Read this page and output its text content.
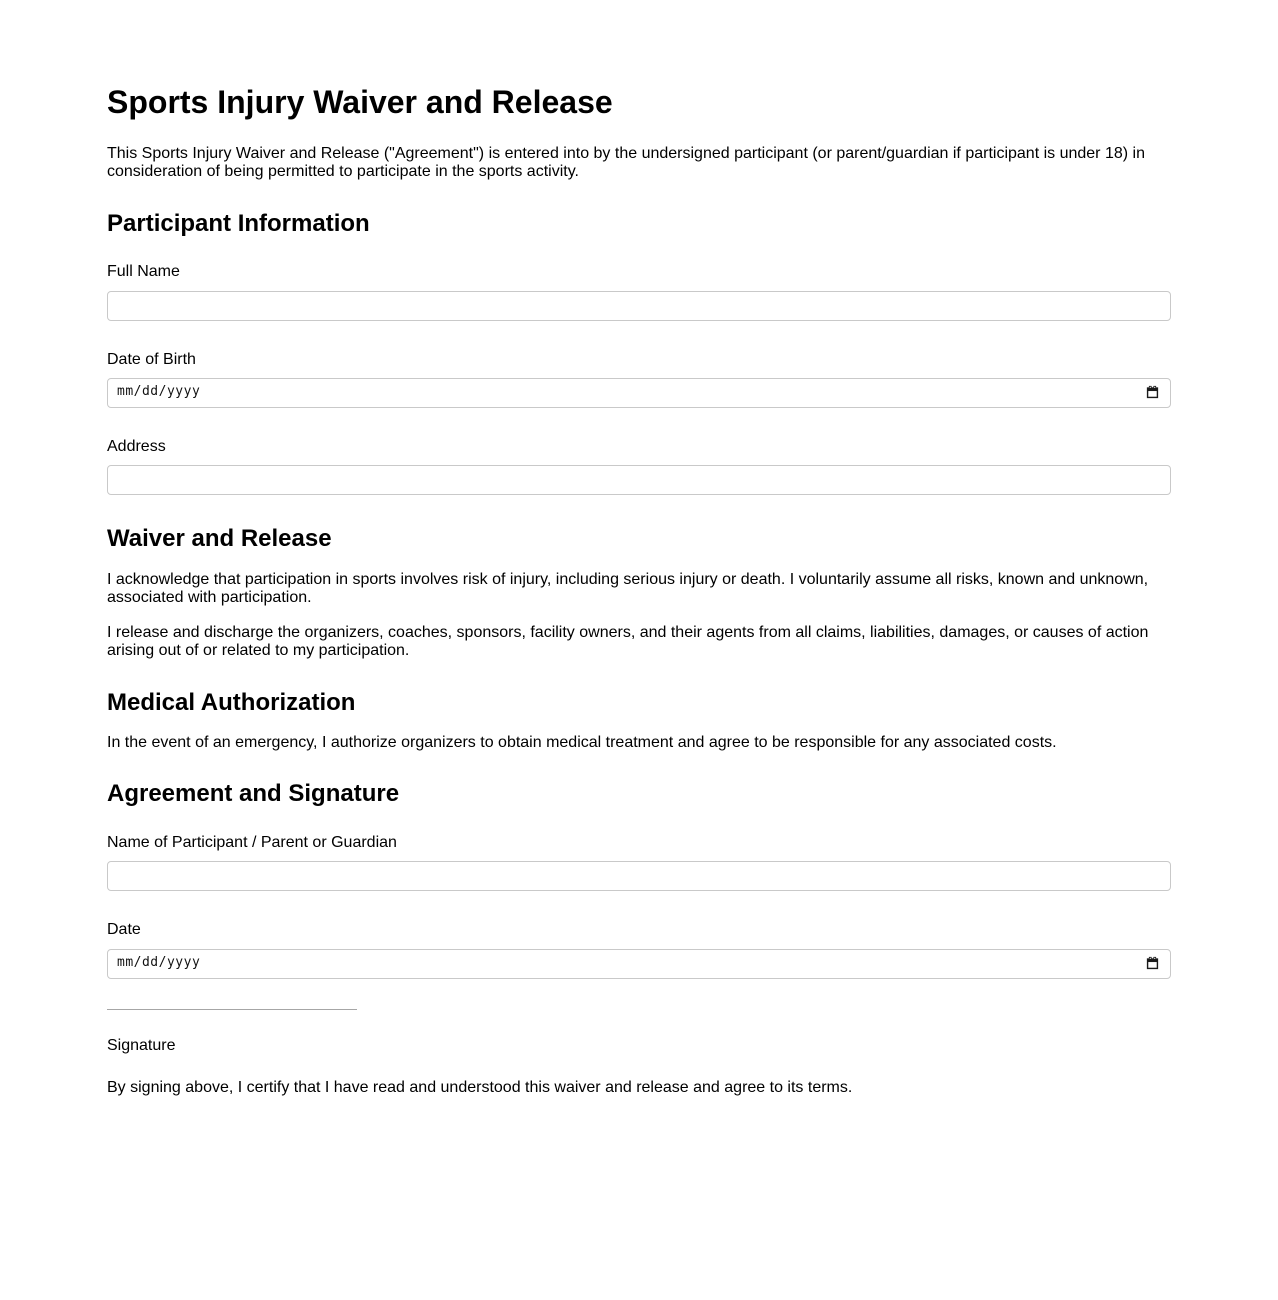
Sports Injury Waiver and Release

This Sports Injury Waiver and Release ("Agreement") is entered into by the undersigned participant (or parent/guardian if participant is under 18) in consideration of being permitted to participate in the sports activity.

Participant Information
Full Name
Date of Birth
mm/dd/yyyy
Address
Waiver and Release

I acknowledge that participation in sports involves risk of injury, including serious injury or death. I voluntarily assume all risks, known and unknown, associated with participation.

I release and discharge the organizers, coaches, sponsors, facility owners, and their agents from all claims, liabilities, damages, or causes of action arising out of or related to my participation.

Medical Authorization

In the event of an emergency, I authorize organizers to obtain medical treatment and agree to be responsible for any associated costs.

Agreement and Signature
Name of Participant / Parent or Guardian
Date
mm/dd/yyyy
Signature

By signing above, I certify that I have read and understood this waiver and release and agree to its terms.
